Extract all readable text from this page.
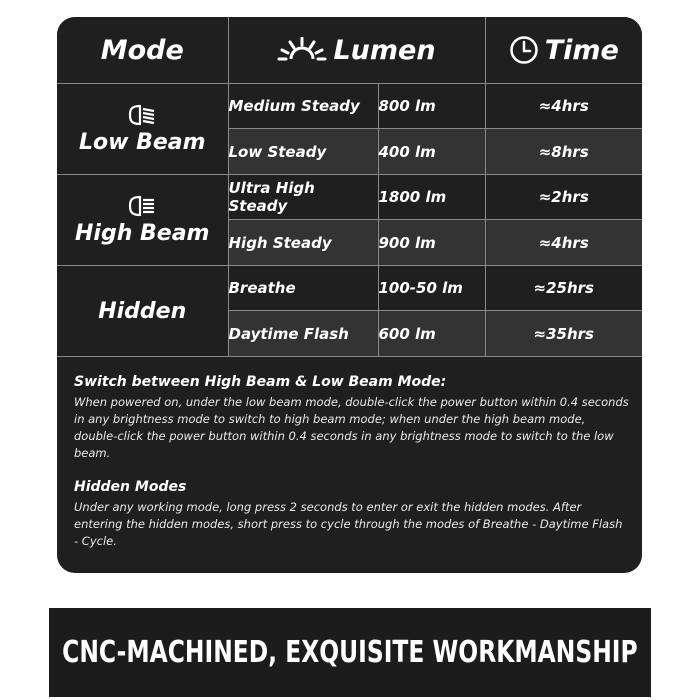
Mode	Lumen		Time

Low Beam	Medium Steady	800 lm	≈4hrs
	Low Steady	400 lm	≈8hrs

High Beam	Ultra High Steady	1800 lm	≈2hrs
	High Steady	900 lm	≈4hrs
Hidden	Breathe	100-50 lm	≈25hrs
	Daytime Flash	600 lm	≈35hrs
Switch between High Beam & Low Beam Mode:

When powered on, under the low beam mode, double-click the power button within 0.4 seconds in any brightness mode to switch to high beam mode; when under the high beam mode, double-click the power button within 0.4 seconds in any brightness mode to switch to the low beam.

Hidden Modes

Under any working mode, long press 2 seconds to enter or exit the hidden modes. After entering the hidden modes, short press to cycle through the modes of Breathe - Daytime Flash - Cycle.

CNC-MACHINED, EXQUISITE WORKMANSHIP
